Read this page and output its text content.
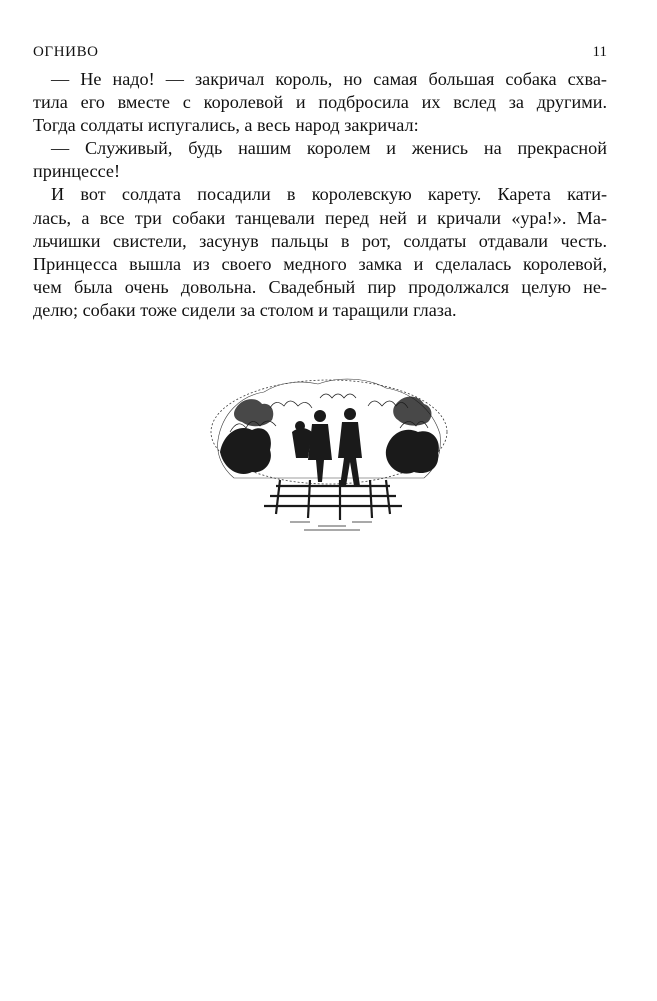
ОГНИВО	11
— Не надо! — закричал король, но самая большая собака схва-
тила его вместе с королевой и подбросила их вслед за другими.
Тогда солдаты испугались, а весь народ закричал:
— Служивый, будь нашим королем и женись на прекрасной
принцессе!
И вот солдата посадили в королевскую карету. Карета кати-
лась, а все три собаки танцевали перед ней и кричали «ура!». Ма-
льчишки свистели, засунув пальцы в рот, солдаты отдавали честь.
Принцесса вышла из своего медного замка и сделалась королевой,
чем была очень довольна. Свадебный пир продолжался целую не-
делю; собаки тоже сидели за столом и таращили глаза.
